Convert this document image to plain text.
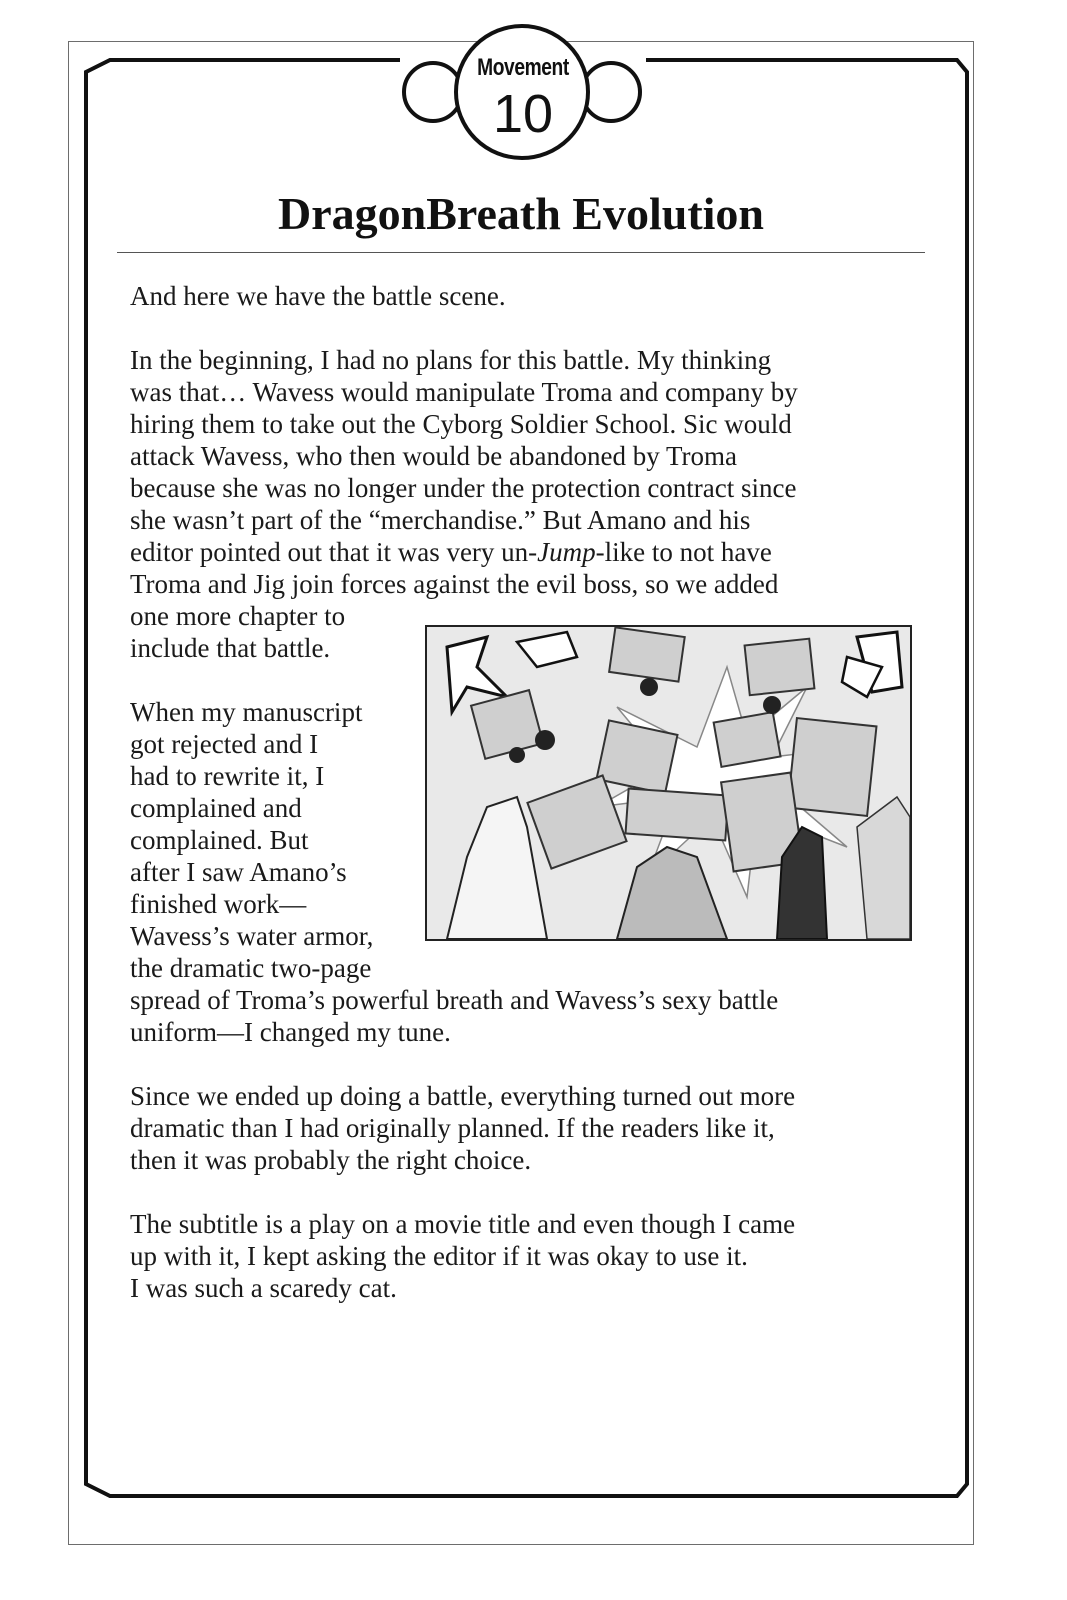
Movement
10
DragonBreath Evolution

And here we have the battle scene.

In the beginning, I had no plans for this battle. My thinking
was that… Wavess would manipulate Troma and company by
hiring them to take out the Cyborg Soldier School. Sic would
attack Wavess, who then would be abandoned by Troma
because she was no longer under the protection contract since
she wasn’t part of the “merchandise.” But Amano and his
editor pointed out that it was very un-Jump-like to not have
Troma and Jig join forces against the evil boss, so we added
one more chapter to
include that battle.

When my manuscript
got rejected and I
had to rewrite it, I
complained and
complained. But
after I saw Amano’s
finished work—
Wavess’s water armor,
the dramatic two-page
spread of Troma’s powerful breath and Wavess’s sexy battle
uniform—I changed my tune.

Since we ended up doing a battle, everything turned out more
dramatic than I had originally planned. If the readers like it,
then it was probably the right choice.

The subtitle is a play on a movie title and even though I came
up with it, I kept asking the editor if it was okay to use it.
I was such a scaredy cat.
